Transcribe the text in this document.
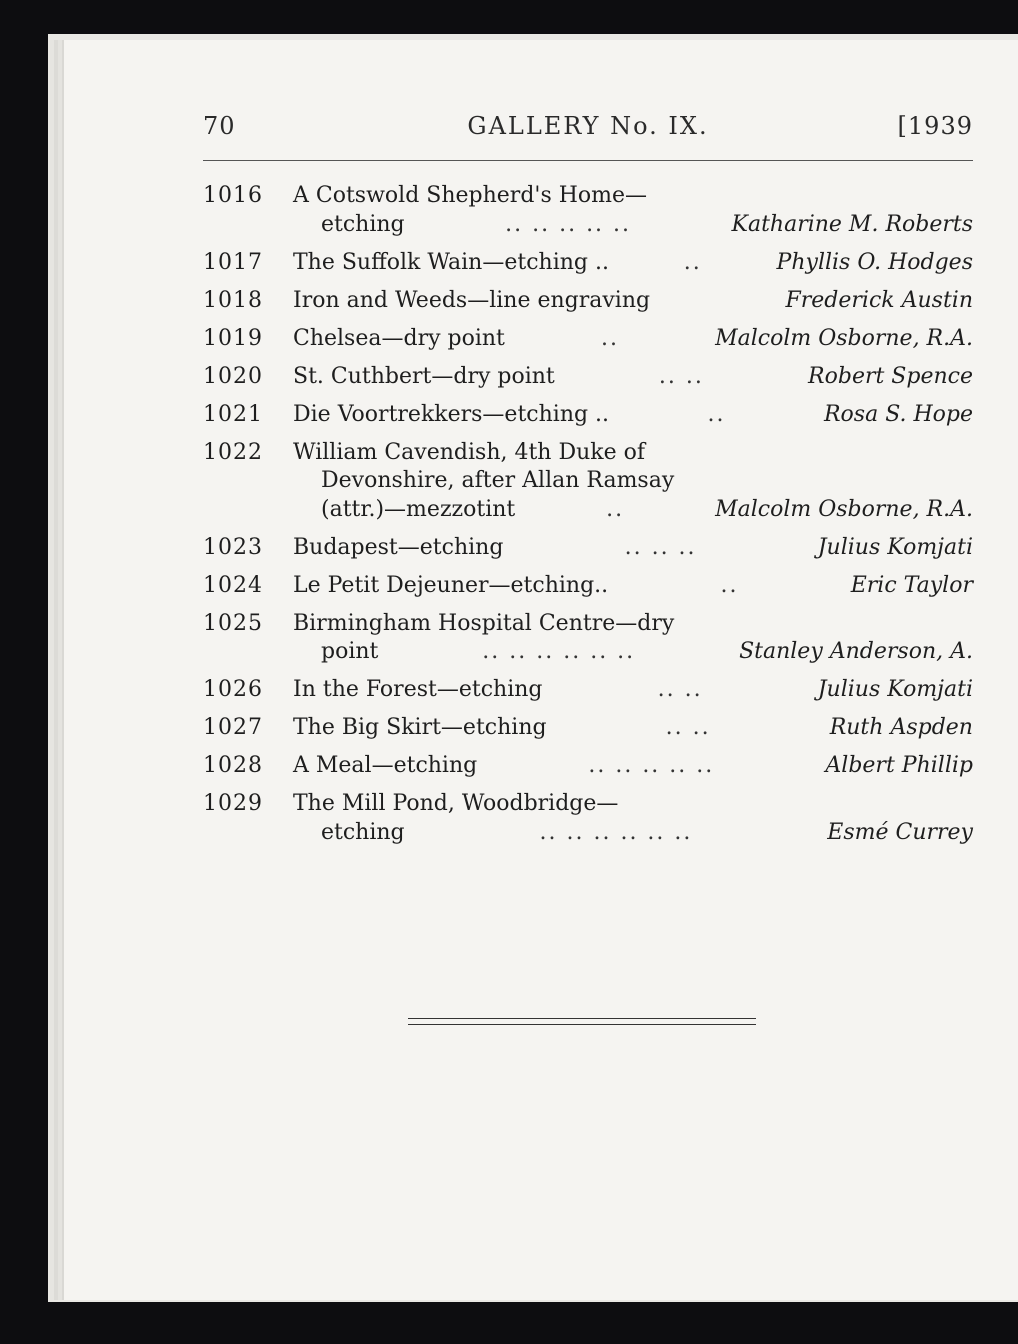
70	GALLERY No. IX.	[1939
1016	A Cotswold Shepherd's Home—
etching	.. .. .. .. ..	Katharine M. Roberts
1017	The Suffolk Wain—etching ..	..	Phyllis O. Hodges
1018	Iron and Weeds—line engraving	Frederick Austin
1019	Chelsea—dry point	..	Malcolm Osborne, R.A.
1020	St. Cuthbert—dry point	.. ..	Robert Spence
1021	Die Voortrekkers—etching ..	..	Rosa S. Hope
1022	William Cavendish, 4th Duke of
Devonshire, after Allan Ramsay
(attr.)—mezzotint	..	Malcolm Osborne, R.A.
1023	Budapest—etching	.. .. ..	Julius Komjati
1024	Le Petit Dejeuner—etching..	..	Eric Taylor
1025	Birmingham Hospital Centre—dry
point	.. .. .. .. .. ..	Stanley Anderson, A.
1026	In the Forest—etching	.. ..	Julius Komjati
1027	The Big Skirt—etching	.. ..	Ruth Aspden
1028	A Meal—etching	.. .. .. .. ..	Albert Phillip
1029	The Mill Pond, Woodbridge—
etching	.. .. .. .. .. ..	Esmé Currey
